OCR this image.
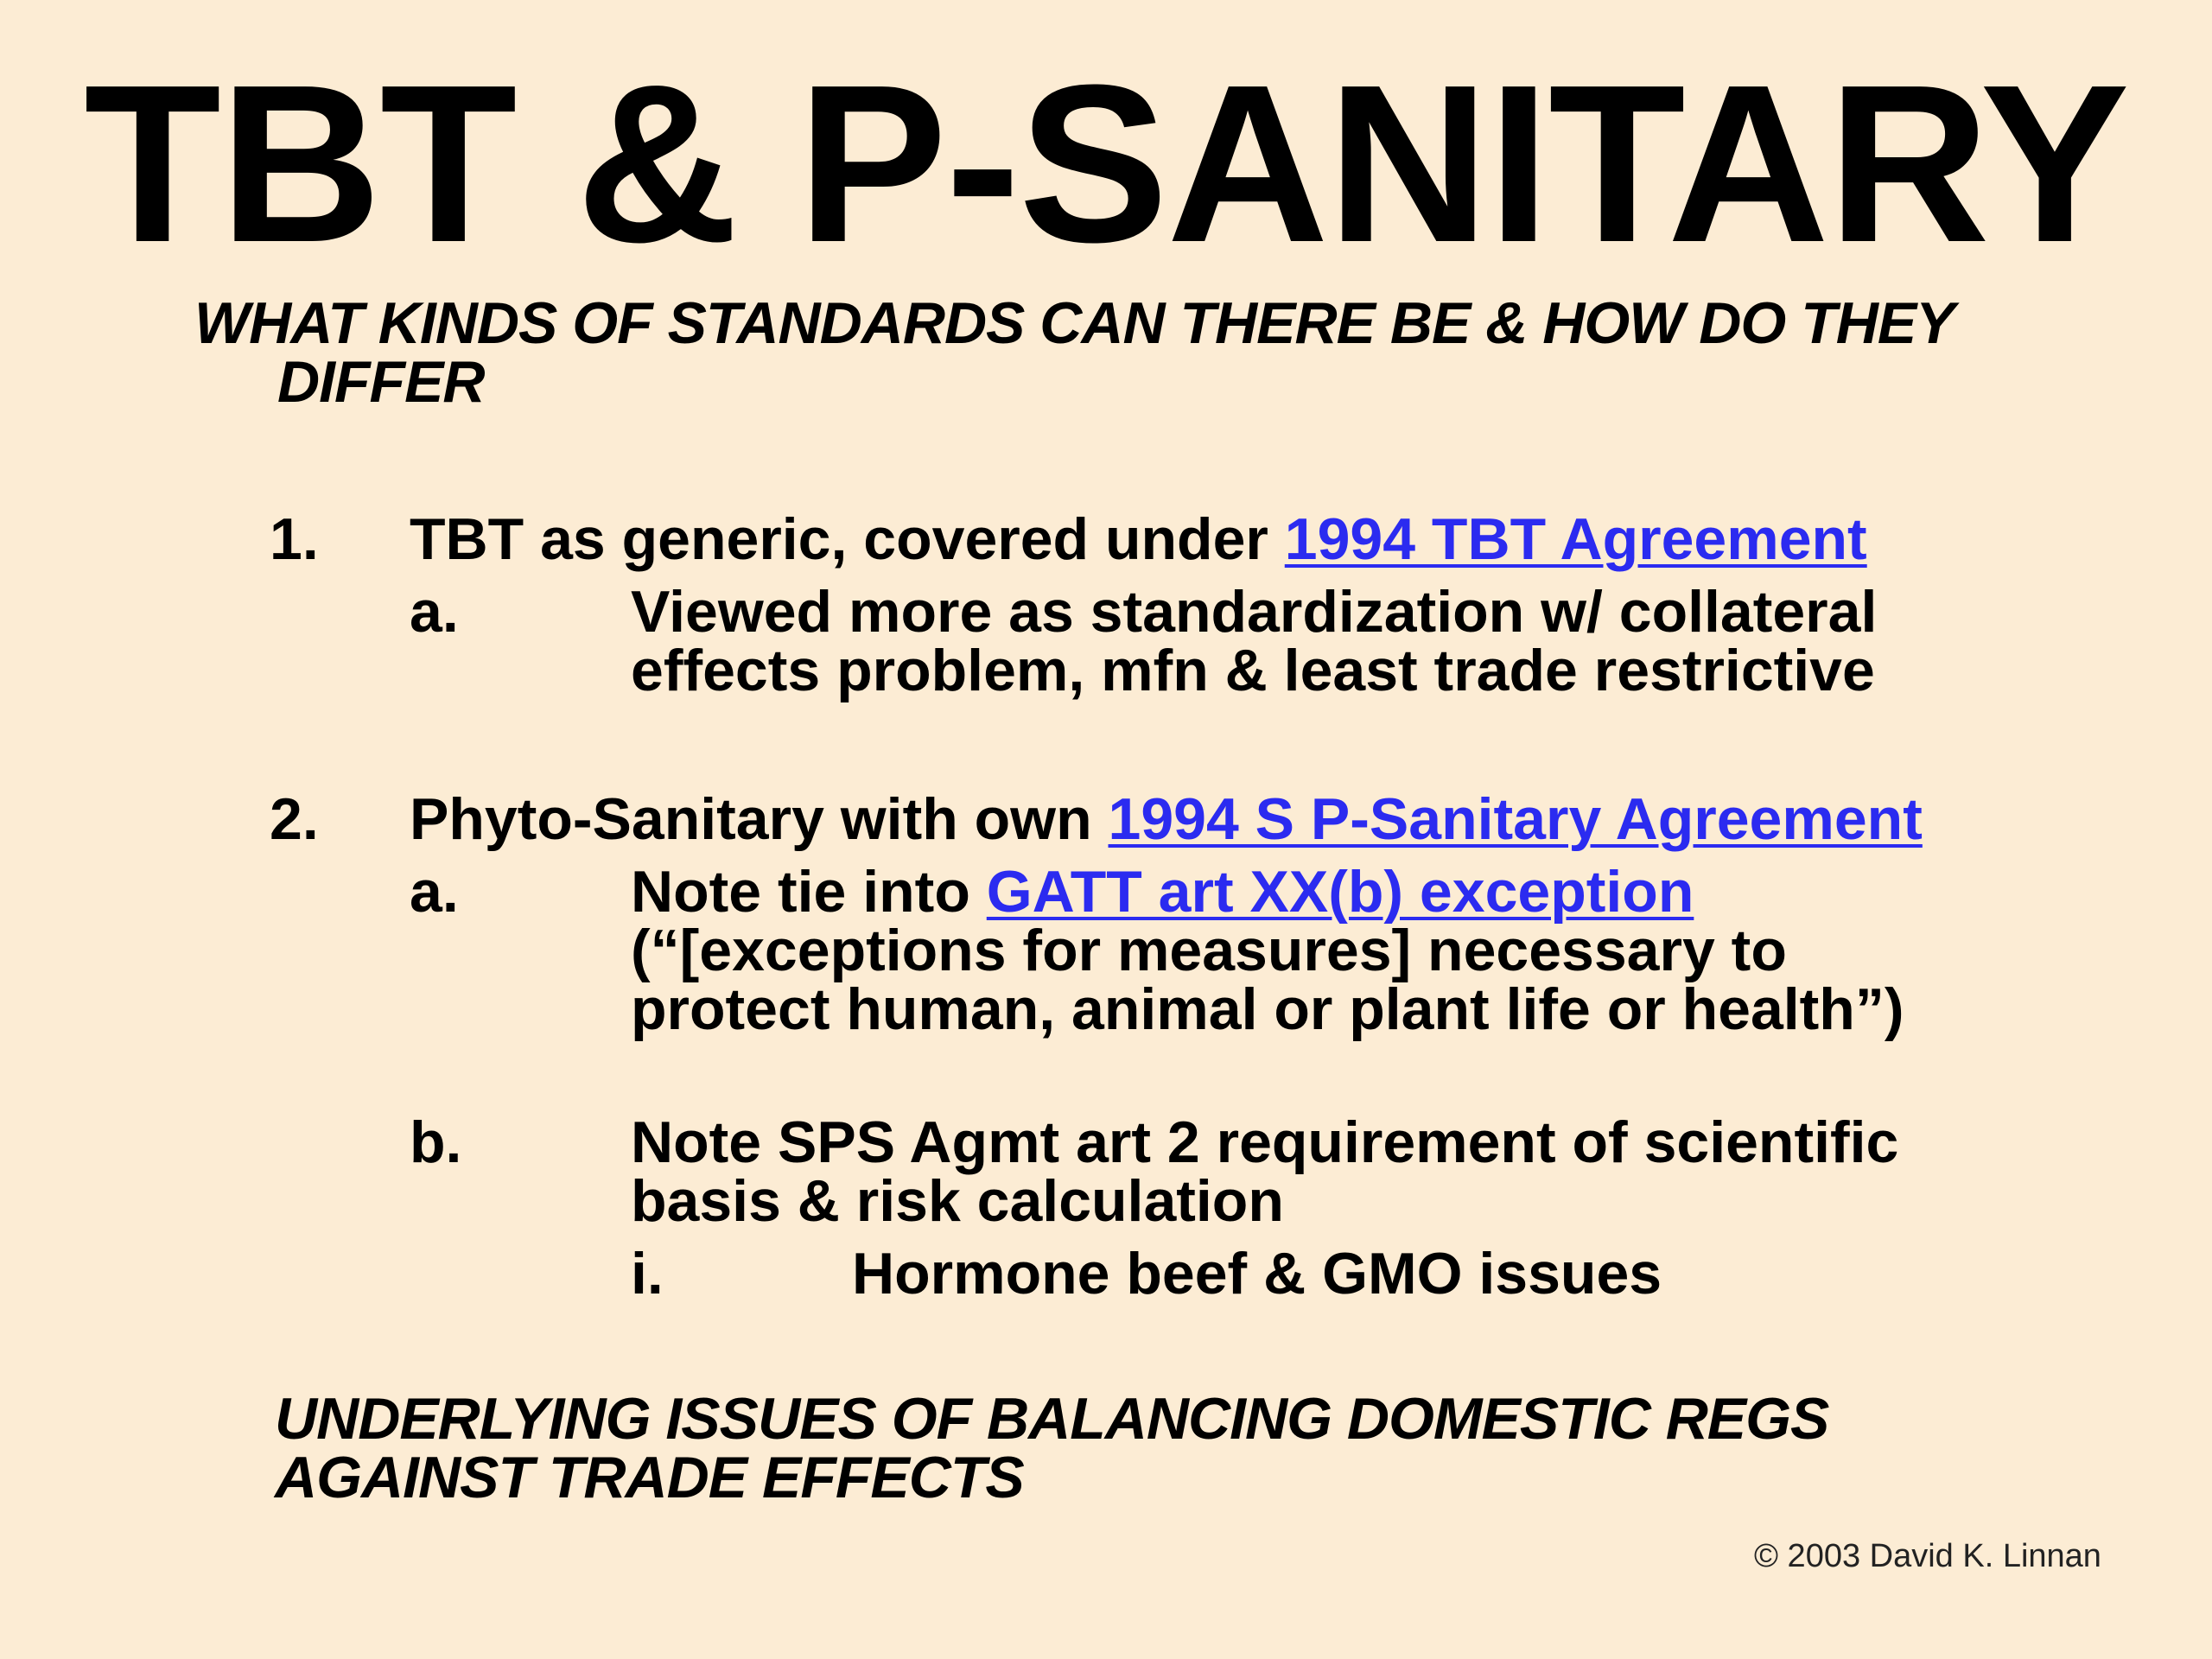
TBT & P-SANITARY
WHAT KINDS OF STANDARDS CAN THERE BE & HOW DO THEY DIFFER
1. TBT as generic, covered under 1994 TBT Agreement
a.	Viewed more as standardization w/ collateral effects problem, mfn & least trade restrictive
2. Phyto-Sanitary with own 1994 S P-Sanitary Agreement
a.	Note tie into GATT art XX(b) exception
(“[exceptions for measures] necessary to protect human, animal or plant life or health”)
b.	Note SPS Agmt art 2 requirement of scientific basis & risk calculation
i.	Hormone beef & GMO issues
UNDERLYING ISSUES OF BALANCING DOMESTIC REGS AGAINST TRADE EFFECTS
© 2003 David K. Linnan
